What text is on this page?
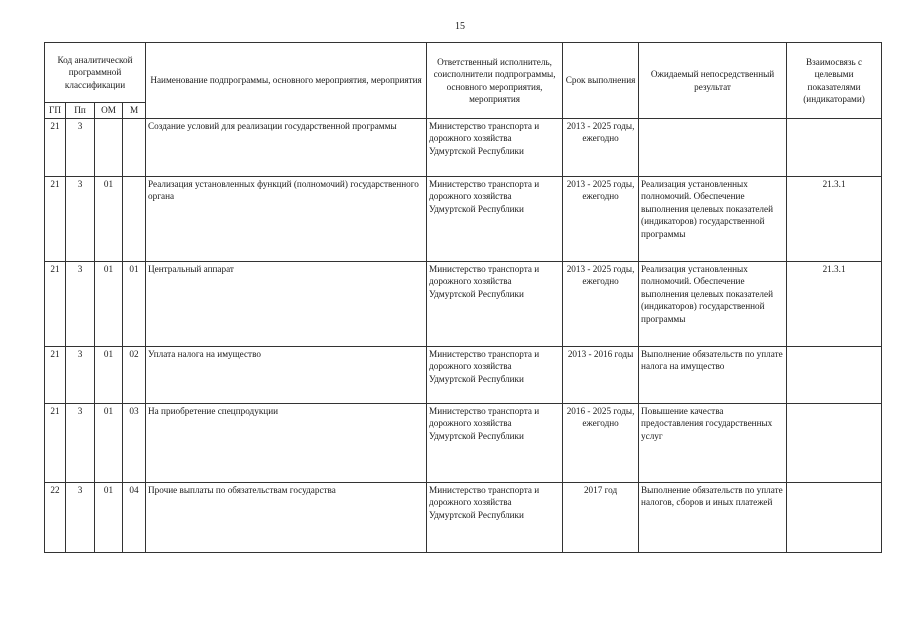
15
Код аналитической программной классификации				Наименование подпрограммы, основного мероприятия, мероприятия	Ответственный исполнитель, соисполнители подпрограммы, основного мероприятия, мероприятия	Срок выполнения	Ожидаемый непосредственный результат	Взаимосвязь с целевыми показателями (индикаторами)
ГП	Пп	ОМ	М					
21	3			Создание условий для реализации государственной программы	Министерство транспорта и дорожного хозяйства Удмуртской Республики	2013 - 2025 годы, ежегодно		
21	3	01		Реализация установленных функций (полномочий) государственного органа	Министерство транспорта и дорожного хозяйства Удмуртской Республики	2013 - 2025 годы, ежегодно	Реализация установленных полномочий. Обеспечение выполнения целевых показателей (индикаторов) государственной программы	21.3.1
21	3	01	01	Центральный аппарат	Министерство транспорта и дорожного хозяйства Удмуртской Республики	2013 - 2025 годы, ежегодно	Реализация установленных полномочий. Обеспечение выполнения целевых показателей (индикаторов) государственной программы	21.3.1
21	3	01	02	Уплата налога на имущество	Министерство транспорта и дорожного хозяйства Удмуртской Республики	2013 - 2016 годы	Выполнение обязательств по уплате налога на имущество	
21	3	01	03	На приобретение спецпродукции	Министерство транспорта и дорожного хозяйства Удмуртской Республики	2016 - 2025 годы, ежегодно	Повышение качества предоставления государственных услуг	
22	3	01	04	Прочие выплаты по обязательствам государства	Министерство транспорта и дорожного хозяйства Удмуртской Республики	2017 год	Выполнение обязательств по уплате налогов, сборов и иных платежей	
